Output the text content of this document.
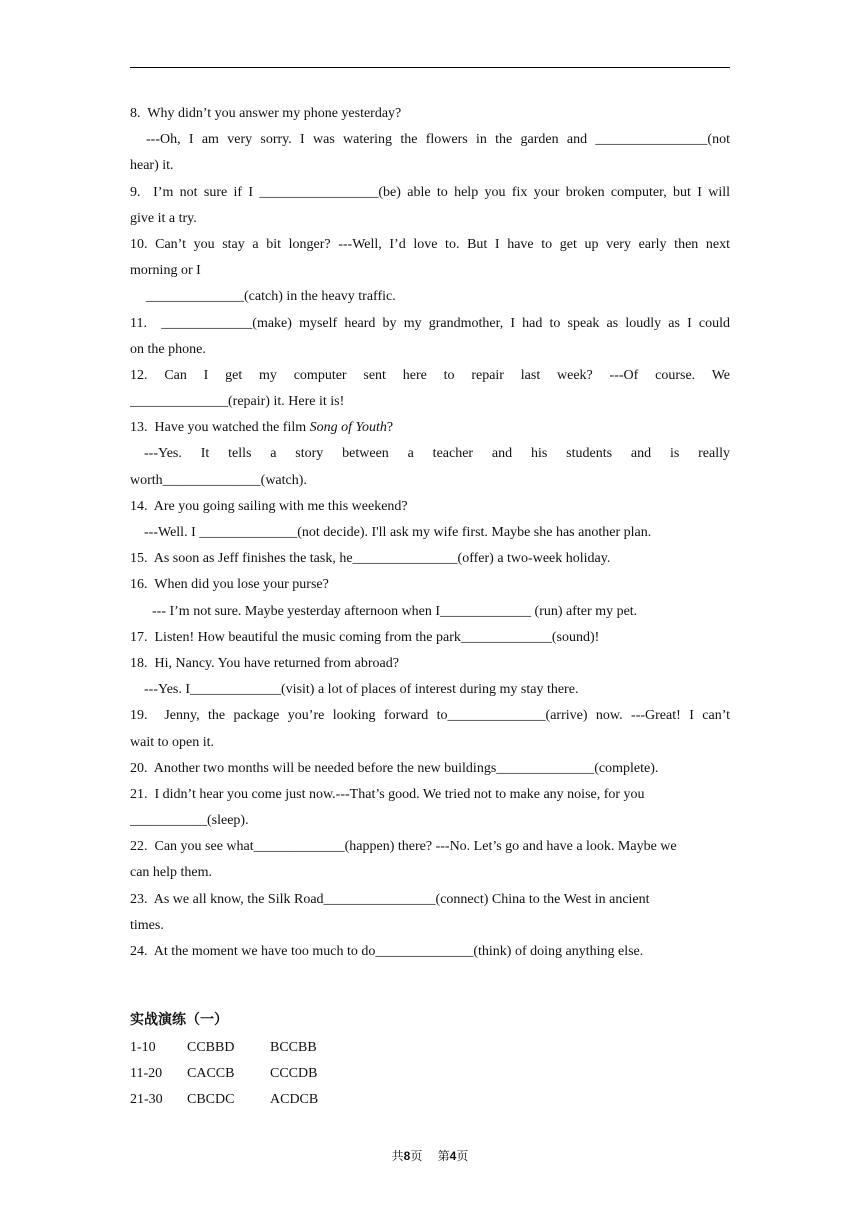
8. Why didn’t you answer my phone yesterday?
---Oh, I am very sorry. I was watering the flowers in the garden and ________________(not
hear) it.
9. I’m not sure if I _________________(be) able to help you fix your broken computer, but I will
give it a try.
10. Can’t you stay a bit longer? ---Well, I’d love to. But I have to get up very early then next
morning or I
______________(catch) in the heavy traffic.
11. _____________(make) myself heard by my grandmother, I had to speak as loudly as I could
on the phone.
12. Can I get my computer sent here to repair last week? ---Of course. We
______________(repair) it. Here it is!
13. Have you watched the film Song of Youth?
---Yes. It tells a story between a teacher and his students and is really
worth______________(watch).
14. Are you going sailing with me this weekend?
---Well. I ______________(not decide). I'll ask my wife first. Maybe she has another plan.
15. As soon as Jeff finishes the task, he_______________(offer) a two-week holiday.
16. When did you lose your purse?
--- I’m not sure. Maybe yesterday afternoon when I_____________ (run) after my pet.
17. Listen! How beautiful the music coming from the park_____________(sound)!
18. Hi, Nancy. You have returned from abroad?
---Yes. I_____________(visit) a lot of places of interest during my stay there.
19. Jenny, the package you’re looking forward to______________(arrive) now. ---Great! I can’t
wait to open it.
20. Another two months will be needed before the new buildings______________(complete).
21. I didn’t hear you come just now.---That’s good. We tried not to make any noise, for you
___________(sleep).
22. Can you see what_____________(happen) there? ---No. Let’s go and have a look. Maybe we
can help them.
23. As we all know, the Silk Road________________(connect) China to the West in ancient
times.
24. At the moment we have too much to do______________(think) of doing anything else.
实战演练（一）
1-10 CCBBD	BCCBB
11-20 CACCB	CCCDB
21-30 CBCDC	ACDCB
共8页 第4页
